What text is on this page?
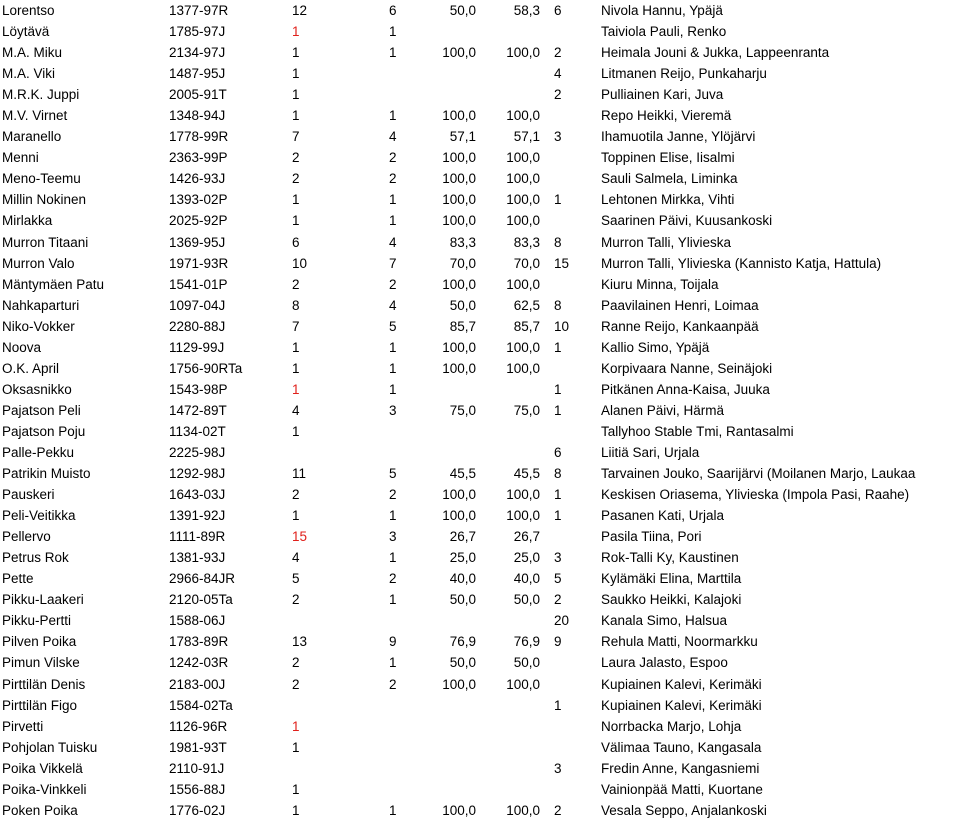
Lorentso	1377-97R	12	6	50,0	58,3	6	Nivola Hannu, Ypäjä
Löytävä	1785-97J	1	1				Taiviola Pauli, Renko
M.A. Miku	2134-97J	1	1	100,0	100,0	2	Heimala Jouni & Jukka, Lappeenranta
M.A. Viki	1487-95J	1				4	Litmanen Reijo, Punkaharju
M.R.K. Juppi	2005-91T	1				2	Pulliainen Kari, Juva
M.V. Virnet	1348-94J	1	1	100,0	100,0		Repo Heikki, Vieremä
Maranello	1778-99R	7	4	57,1	57,1	3	Ihamuotila Janne, Ylöjärvi
Menni	2363-99P	2	2	100,0	100,0		Toppinen Elise, Iisalmi
Meno-Teemu	1426-93J	2	2	100,0	100,0		Sauli Salmela, Liminka
Millin Nokinen	1393-02P	1	1	100,0	100,0	1	Lehtonen Mirkka, Vihti
Mirlakka	2025-92P	1	1	100,0	100,0		Saarinen Päivi, Kuusankoski
Murron Titaani	1369-95J	6	4	83,3	83,3	8	Murron Talli, Ylivieska
Murron Valo	1971-93R	10	7	70,0	70,0	15	Murron Talli, Ylivieska (Kannisto Katja, Hattula)
Mäntymäen Patu	1541-01P	2	2	100,0	100,0		Kiuru Minna, Toijala
Nahkaparturi	1097-04J	8	4	50,0	62,5	8	Paavilainen Henri, Loimaa
Niko-Vokker	2280-88J	7	5	85,7	85,7	10	Ranne Reijo, Kankaanpää
Noova	1129-99J	1	1	100,0	100,0	1	Kallio Simo, Ypäjä
O.K. April	1756-90RTa	1	1	100,0	100,0		Korpivaara Nanne, Seinäjoki
Oksasnikko	1543-98P	1	1			1	Pitkänen Anna-Kaisa, Juuka
Pajatson Peli	1472-89T	4	3	75,0	75,0	1	Alanen Päivi, Härmä
Pajatson Poju	1134-02T	1					Tallyhoo Stable Tmi, Rantasalmi
Palle-Pekku	2225-98J					6	Liitiä Sari, Urjala
Patrikin Muisto	1292-98J	11	5	45,5	45,5	8	Tarvainen Jouko, Saarijärvi (Moilanen Marjo, Laukaa
Pauskeri	1643-03J	2	2	100,0	100,0	1	Keskisen Oriasema, Ylivieska (Impola Pasi, Raahe)
Peli-Veitikka	1391-92J	1	1	100,0	100,0	1	Pasanen Kati, Urjala
Pellervo	1111-89R	15	3	26,7	26,7		Pasila Tiina, Pori
Petrus Rok	1381-93J	4	1	25,0	25,0	3	Rok-Talli Ky, Kaustinen
Pette	2966-84JR	5	2	40,0	40,0	5	Kylämäki Elina, Marttila
Pikku-Laakeri	2120-05Ta	2	1	50,0	50,0	2	Saukko Heikki, Kalajoki
Pikku-Pertti	1588-06J					20	Kanala Simo, Halsua
Pilven Poika	1783-89R	13	9	76,9	76,9	9	Rehula Matti, Noormarkku
Pimun Vilske	1242-03R	2	1	50,0	50,0		Laura Jalasto, Espoo
Pirttilän Denis	2183-00J	2	2	100,0	100,0		Kupiainen Kalevi, Kerimäki
Pirttilän Figo	1584-02Ta					1	Kupiainen Kalevi, Kerimäki
Pirvetti	1126-96R	1					Norrbacka Marjo, Lohja
Pohjolan Tuisku	1981-93T	1					Välimaa Tauno, Kangasala
Poika Vikkelä	2110-91J					3	Fredin Anne, Kangasniemi
Poika-Vinkkeli	1556-88J	1					Vainionpää Matti, Kuortane
Poken Poika	1776-02J	1	1	100,0	100,0	2	Vesala Seppo, Anjalankoski
